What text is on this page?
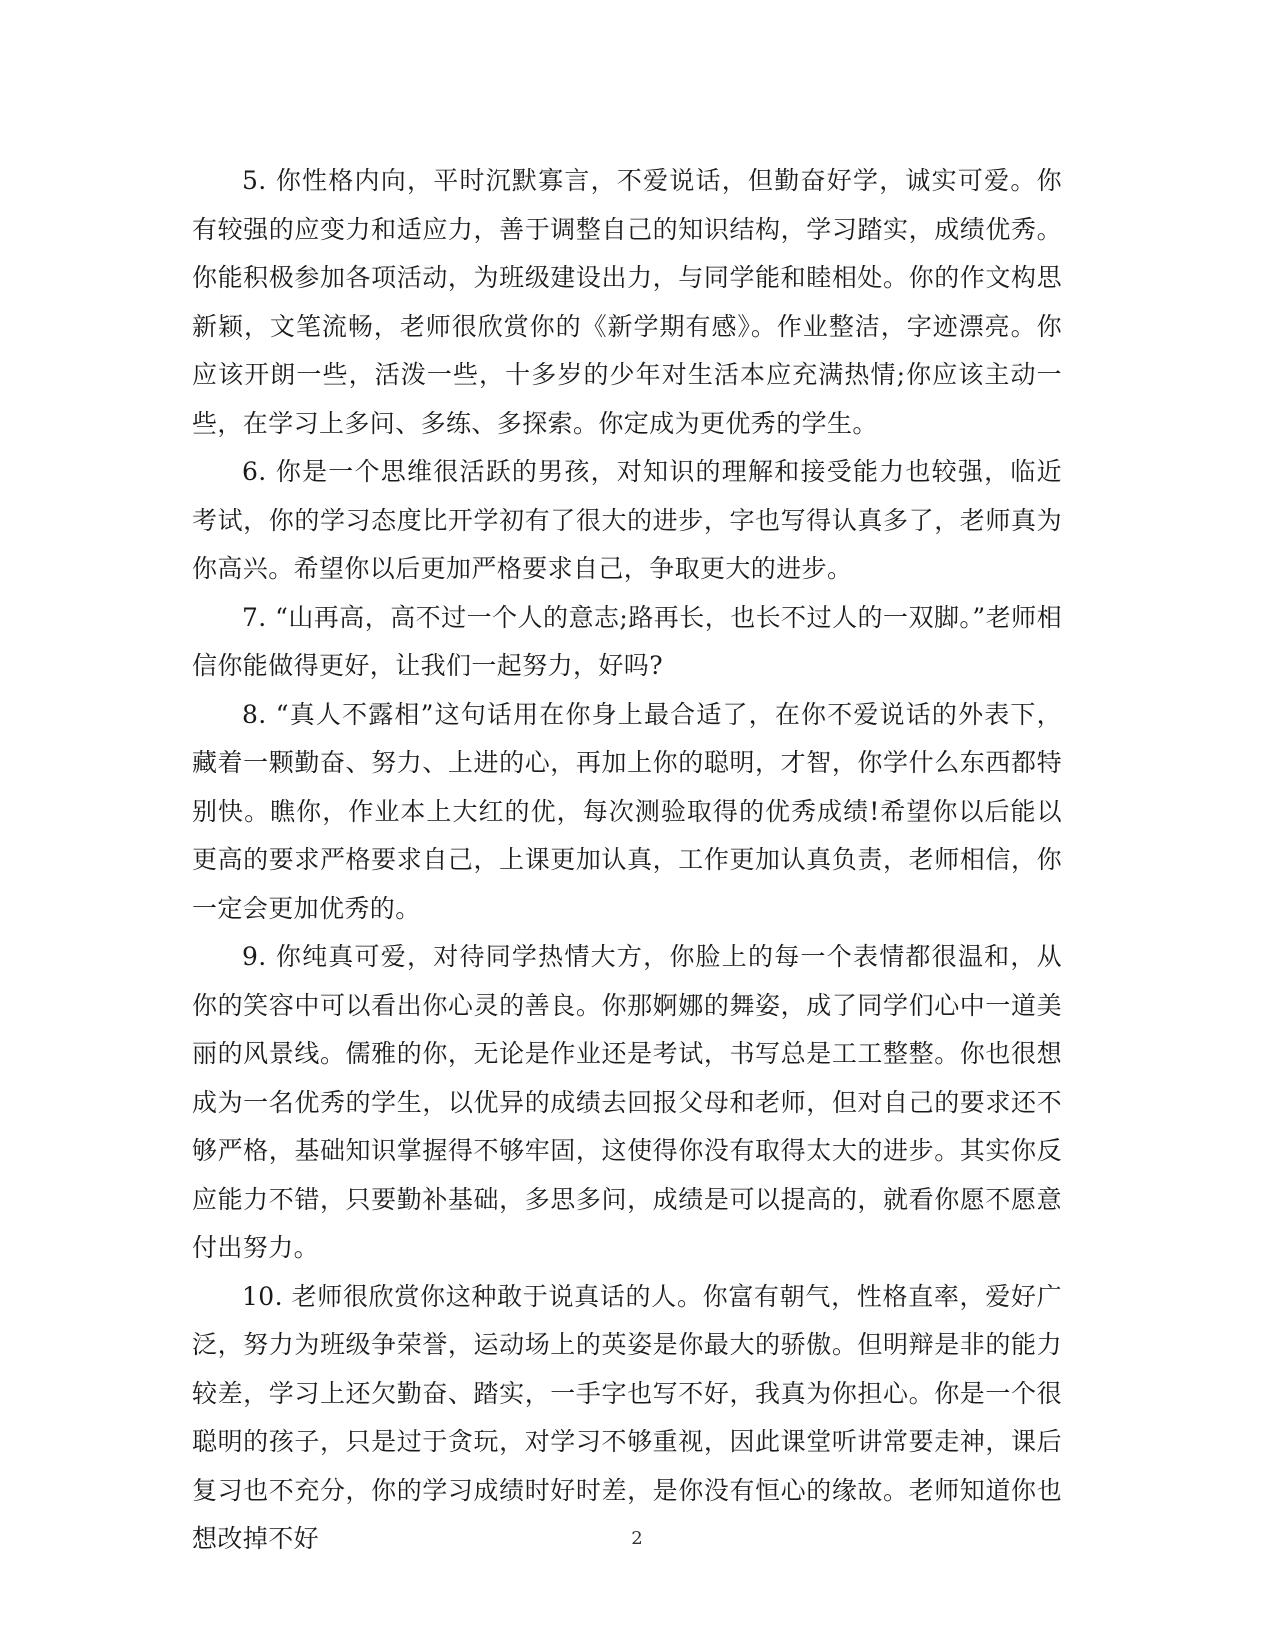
5. 你性格内向，平时沉默寡言，不爱说话，但勤奋好学，诚实可爱。你有较强的应变力和适应力，善于调整自己的知识结构，学习踏实，成绩优秀。你能积极参加各项活动，为班级建设出力，与同学能和睦相处。你的作文构思新颖，文笔流畅，老师很欣赏你的《新学期有感》。作业整洁，字迹漂亮。你应该开朗一些，活泼一些，十多岁的少年对生活本应充满热情;你应该主动一些，在学习上多问、多练、多探索。你定成为更优秀的学生。

6. 你是一个思维很活跃的男孩，对知识的理解和接受能力也较强，临近考试，你的学习态度比开学初有了很大的进步，字也写得认真多了，老师真为你高兴。希望你以后更加严格要求自己，争取更大的进步。

7. “山再高，高不过一个人的意志;路再长，也长不过人的一双脚。”老师相信你能做得更好，让我们一起努力，好吗?

8. “真人不露相”这句话用在你身上最合适了，在你不爱说话的外表下，藏着一颗勤奋、努力、上进的心，再加上你的聪明，才智，你学什么东西都特别快。瞧你，作业本上大红的优，每次测验取得的优秀成绩!希望你以后能以更高的要求严格要求自己，上课更加认真，工作更加认真负责，老师相信，你一定会更加优秀的。

9. 你纯真可爱，对待同学热情大方，你脸上的每一个表情都很温和，从你的笑容中可以看出你心灵的善良。你那婀娜的舞姿，成了同学们心中一道美丽的风景线。儒雅的你，无论是作业还是考试，书写总是工工整整。你也很想成为一名优秀的学生，以优异的成绩去回报父母和老师，但对自己的要求还不够严格，基础知识掌握得不够牢固，这使得你没有取得太大的进步。其实你反应能力不错，只要勤补基础，多思多问，成绩是可以提高的，就看你愿不愿意付出努力。

10. 老师很欣赏你这种敢于说真话的人。你富有朝气，性格直率，爱好广泛，努力为班级争荣誉，运动场上的英姿是你最大的骄傲。但明辩是非的能力较差，学习上还欠勤奋、踏实，一手字也写不好，我真为你担心。你是一个很聪明的孩子，只是过于贪玩，对学习不够重视，因此课堂听讲常要走神，课后复习也不充分，你的学习成绩时好时差，是你没有恒心的缘故。老师知道你也想改掉不好	2
